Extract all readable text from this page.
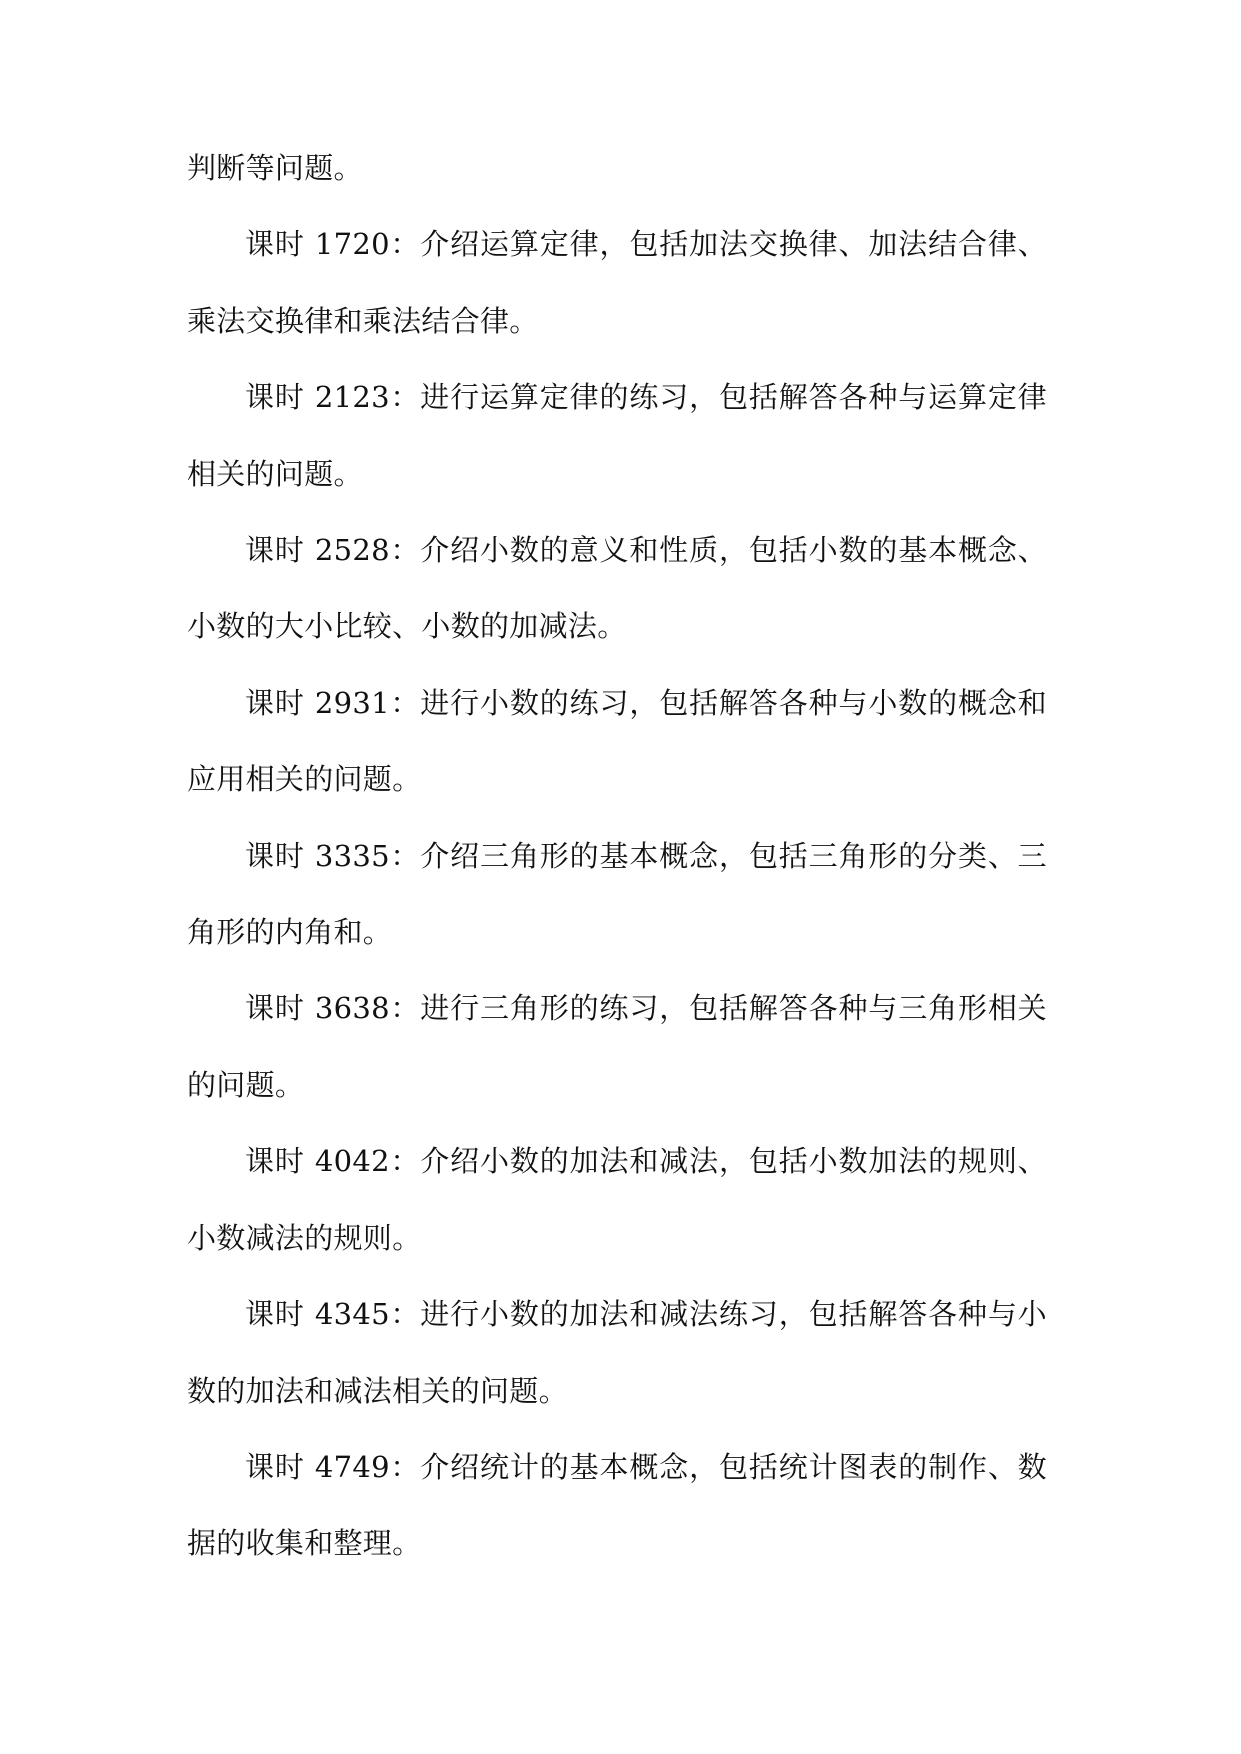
判断等问题。

课时 1720：介绍运算定律，包括加法交换律、加法结合律、乘法交换律和乘法结合律。

课时 2123：进行运算定律的练习，包括解答各种与运算定律相关的问题。

课时 2528：介绍小数的意义和性质，包括小数的基本概念、小数的大小比较、小数的加减法。

课时 2931：进行小数的练习，包括解答各种与小数的概念和应用相关的问题。

课时 3335：介绍三角形的基本概念，包括三角形的分类、三角形的内角和。

课时 3638：进行三角形的练习，包括解答各种与三角形相关的问题。

课时 4042：介绍小数的加法和减法，包括小数加法的规则、小数减法的规则。

课时 4345：进行小数的加法和减法练习，包括解答各种与小数的加法和减法相关的问题。

课时 4749：介绍统计的基本概念，包括统计图表的制作、数据的收集和整理。
